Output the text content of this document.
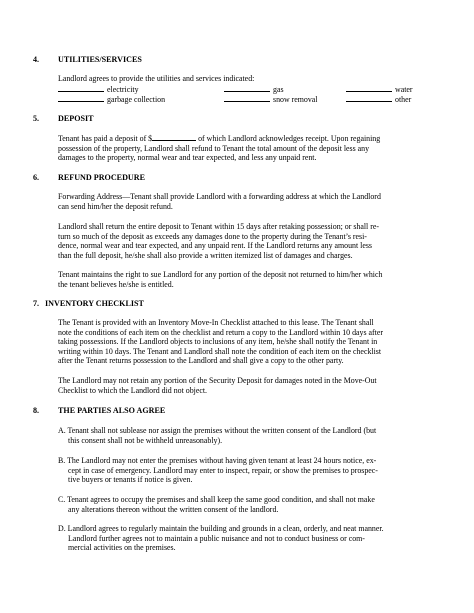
4. UTILITIES/SERVICES
Landlord agrees to provide the utilities and services indicated:
electricity	gas	water
garbage collection	snow removal	other
5. DEPOSIT
Tenant has paid a deposit of $	of which Landlord acknowledges receipt. Upon regaining
possession of the property, Landlord shall refund to Tenant the total amount of the deposit less any
damages to the property, normal wear and tear expected, and less any unpaid rent.
6. REFUND PROCEDURE
Forwarding Address—Tenant shall provide Landlord with a forwarding address at which the Landlord
can send him/her the deposit refund.
Landlord shall return the entire deposit to Tenant within 15 days after retaking possession; or shall re-
turn so much of the deposit as exceeds any damages done to the property during the Tenant’s resi-
dence, normal wear and tear expected, and any unpaid rent. If the Landlord returns any amount less
than the full deposit, he/she shall also provide a written itemized list of damages and charges.
Tenant maintains the right to sue Landlord for any portion of the deposit not returned to him/her which
the tenant believes he/she is entitled.
7. INVENTORY CHECKLIST
The Tenant is provided with an Inventory Move-In Checklist attached to this lease. The Tenant shall
note the conditions of each item on the checklist and return a copy to the Landlord within 10 days after
taking possessions. If the Landlord objects to inclusions of any item, he/she shall notify the Tenant in
writing within 10 days. The Tenant and Landlord shall note the condition of each item on the checklist
after the Tenant returns possession to the Landlord and shall give a copy to the other party.
The Landlord may not retain any portion of the Security Deposit for damages noted in the Move-Out
Checklist to which the Landlord did not object.
8. THE PARTIES ALSO AGREE
A. Tenant shall not sublease nor assign the premises without the written consent of the Landlord (but
this consent shall not be withheld unreasonably).
B. The Landlord may not enter the premises without having given tenant at least 24 hours notice, ex-
cept in case of emergency. Landlord may enter to inspect, repair, or show the premises to prospec-
tive buyers or tenants if notice is given.
C. Tenant agrees to occupy the premises and shall keep the same good condition, and shall not make
any alterations thereon without the written consent of the landlord.
D. Landlord agrees to regularly maintain the building and grounds in a clean, orderly, and neat manner.
Landlord further agrees not to maintain a public nuisance and not to conduct business or com-
mercial activities on the premises.
